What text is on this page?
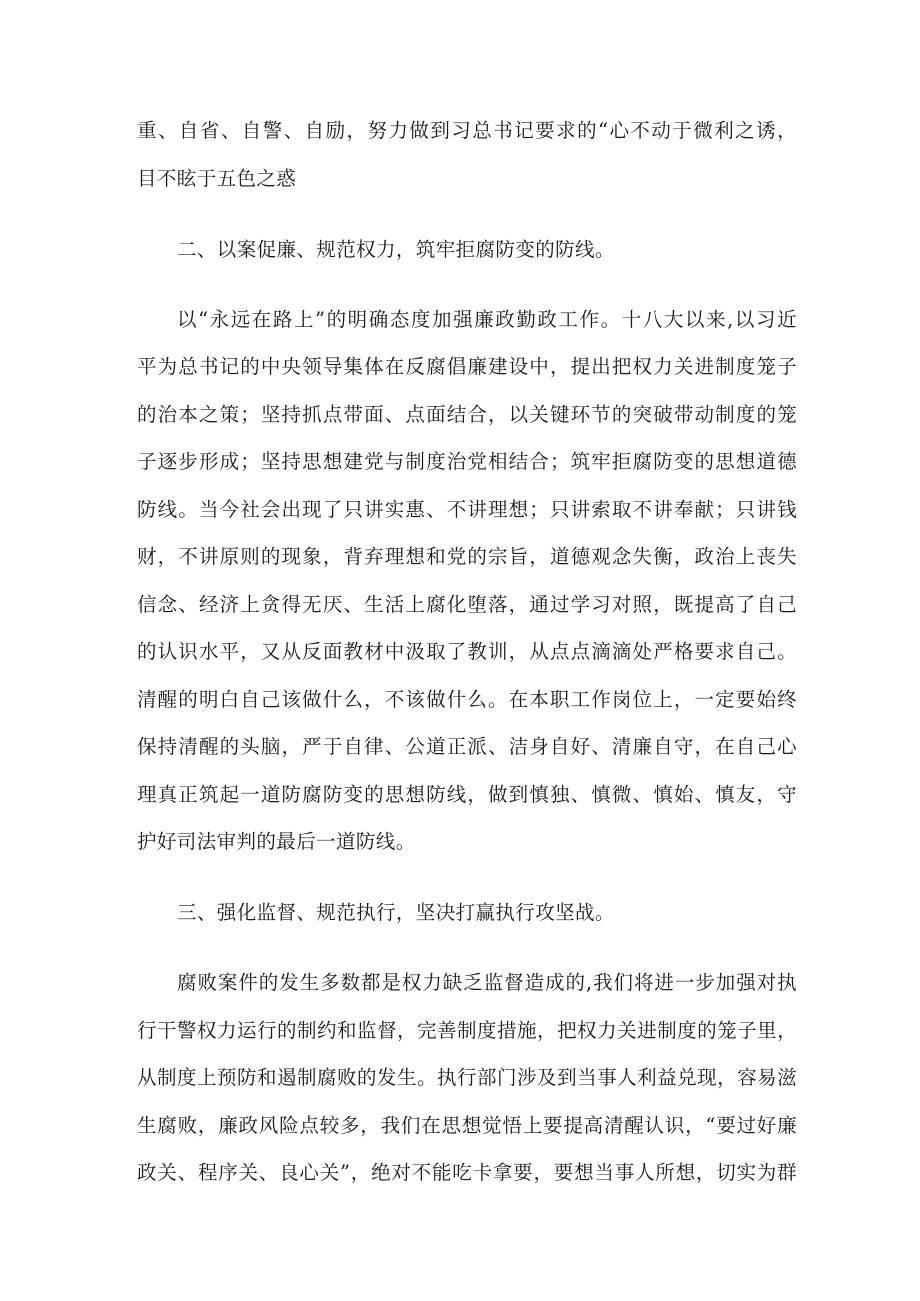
重、自省、自警、自励，努力做到习总书记要求的“心不动于微利之诱，
目不眩于五色之惑
二、以案促廉、规范权力，筑牢拒腐防变的防线。
以“永远在路上”的明确态度加强廉政勤政工作。十八大以来,以习近
平为总书记的中央领导集体在反腐倡廉建设中，提出把权力关进制度笼子
的治本之策；坚持抓点带面、点面结合，以关键环节的突破带动制度的笼
子逐步形成；坚持思想建党与制度治党相结合；筑牢拒腐防变的思想道德
防线。当今社会出现了只讲实惠、不讲理想；只讲索取不讲奉献；只讲钱
财，不讲原则的现象，背弃理想和党的宗旨，道德观念失衡，政治上丧失
信念、经济上贪得无厌、生活上腐化堕落，通过学习对照，既提高了自己
的认识水平，又从反面教材中汲取了教训，从点点滴滴处严格要求自己。
清醒的明白自己该做什么，不该做什么。在本职工作岗位上，一定要始终
保持清醒的头脑，严于自律、公道正派、洁身自好、清廉自守，在自己心
理真正筑起一道防腐防变的思想防线，做到慎独、慎微、慎始、慎友，守
护好司法审判的最后一道防线。
三、强化监督、规范执行，坚决打赢执行攻坚战。
腐败案件的发生多数都是权力缺乏监督造成的,我们将进一步加强对执
行干警权力运行的制约和监督，完善制度措施，把权力关进制度的笼子里，
从制度上预防和遏制腐败的发生。执行部门涉及到当事人利益兑现，容易滋
生腐败，廉政风险点较多，我们在思想觉悟上要提高清醒认识，“要过好廉
政关、程序关、良心关”，绝对不能吃卡拿要，要想当事人所想，切实为群
